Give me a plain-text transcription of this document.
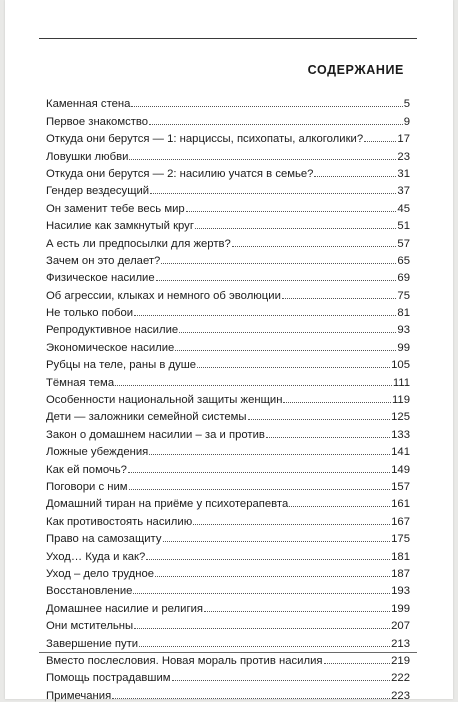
СОДЕРЖАНИЕ
Каменная стена	5
Первое знакомство	9
Откуда они берутся — 1: нарциссы, психопаты, алкоголики?	17
Ловушки любви	23
Откуда они берутся — 2: насилию учатся в семье?	31
Гендер вездесущий	37
Он заменит тебе весь мир	45
Насилие как замкнутый круг	51
А есть ли предпосылки для жертв?	57
Зачем он это делает?	65
Физическое насилие	69
Об агрессии, клыках и немного об эволюции	75
Не только побои	81
Репродуктивное насилие	93
Экономическое насилие	99
Рубцы на теле, раны в душе	105
Тёмная тема	111
Особенности национальной защиты женщин	119
Дети — заложники семейной системы	125
Закон о домашнем насилии – за и против	133
Ложные убеждения	141
Как ей помочь?	149
Поговори с ним	157
Домашний тиран на приёме у психотерапевта	161
Как противостоять насилию	167
Право на самозащиту	175
Уход… Куда и как?	181
Уход – дело трудное	187
Восстановление	193
Домашнее насилие и религия	199
Они мстительны	207
Завершение пути	213
Вместо послесловия. Новая мораль против насилия	219
Помощь пострадавшим	222
Примечания	223
